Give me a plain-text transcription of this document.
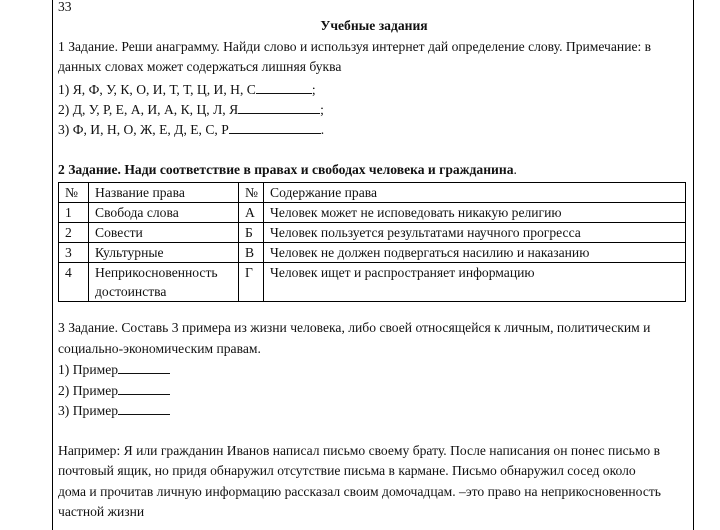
33
Учебные задания
1 Задание. Реши анаграмму. Найди слово и используя интернет дай определение слову. Примечание: в
данных словах может содержаться лишняя буква
1) Я, Ф, У, К, О, И, Т, Т, Ц, И, Н, С	;
2) Д, У, Р, Е, А, И, А, К, Ц, Л, Я	;
3) Ф, И, Н, О, Ж, Е, Д, Е, С, Р	.
2 Задание. Нади соответствие в правах и свободах человека и гражданина.
№	Название права	№	Содержание права
1	Свобода слова	А	Человек может не исповедовать никакую религию
2	Совести	Б	Человек пользуется результатами научного прогресса
3	Культурные	В	Человек не должен подвергаться насилию и наказанию
4	Неприкосновенность достоинства	Г	Человек ищет и распространяет информацию
3 Задание. Составь 3 примера из жизни человека, либо своей относящейся к личным, политическим и
социально-экономическим правам.
1) Пример
2) Пример
3) Пример
Например: Я или гражданин Иванов написал письмо своему брату. После написания он понес письмо в
почтовый ящик, но придя обнаружил отсутствие письма в кармане. Письмо обнаружил сосед около
дома и прочитав личную информацию рассказал своим домочадцам. –это право на неприкосновенность
частной жизни
